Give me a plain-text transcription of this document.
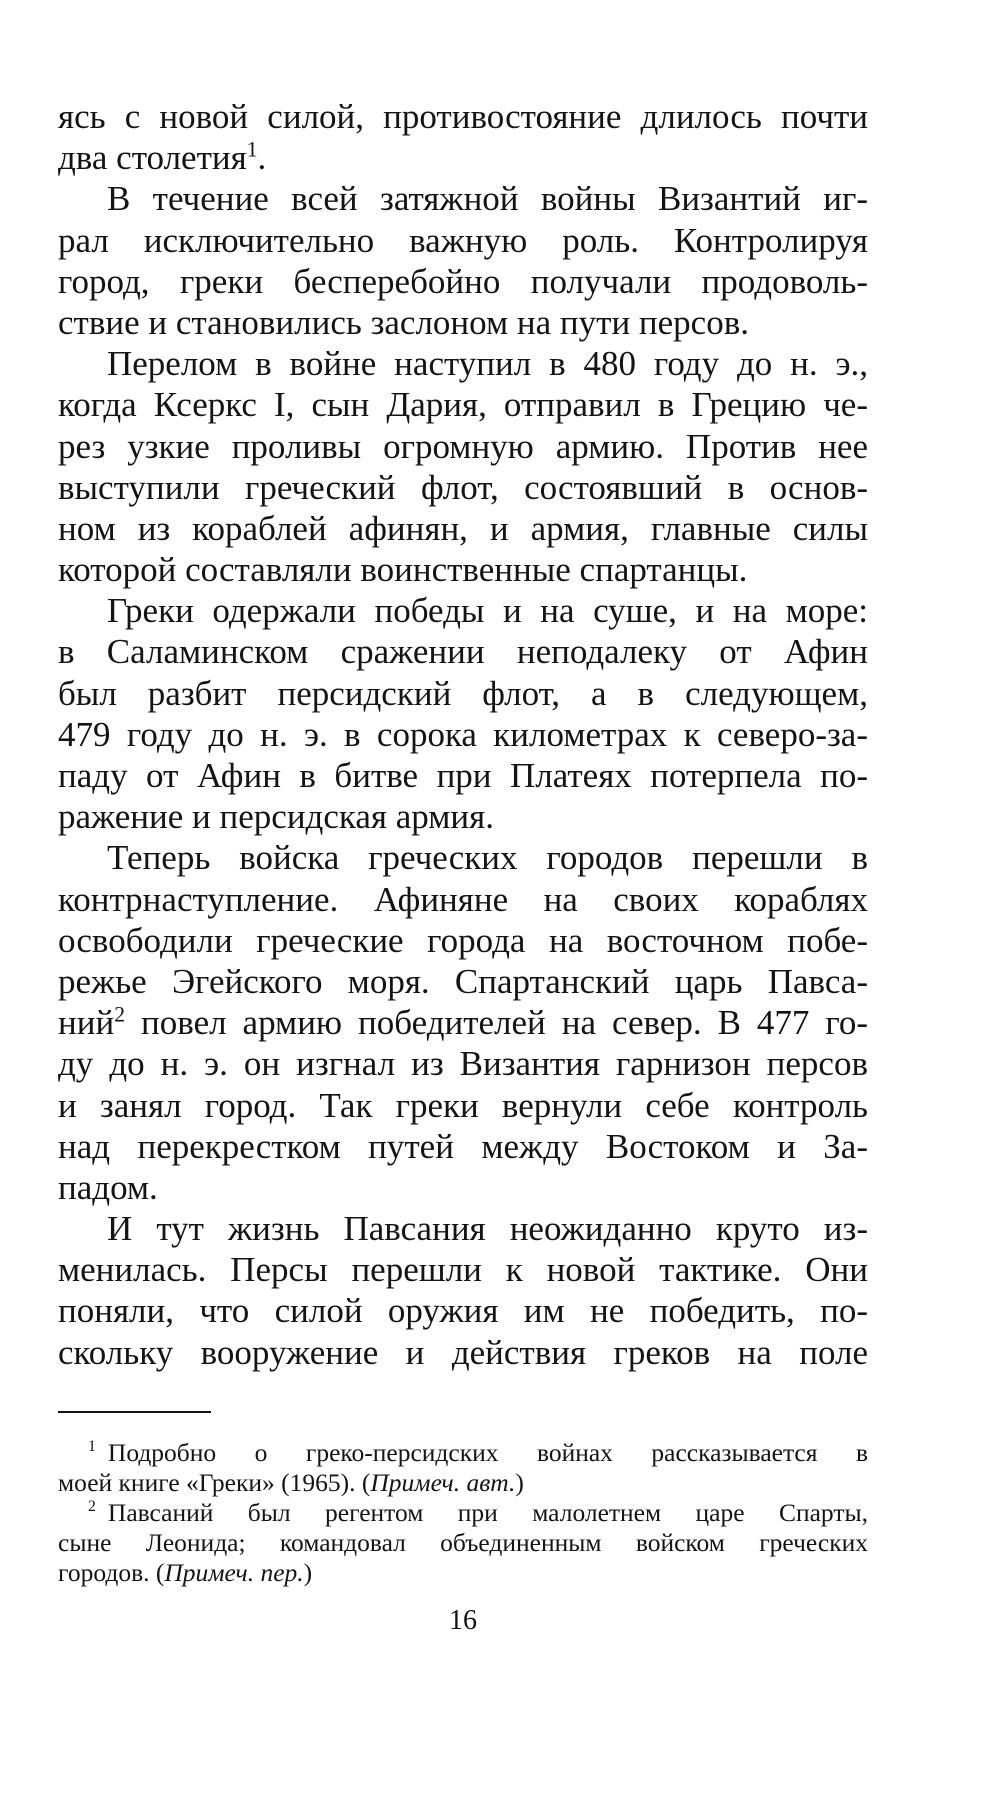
ясь с новой силой, противостояние длилось почти
два столетия$^1$.
В течение всей затяжной войны Византий иг-
рал исключительно важную роль. Контролируя
город, греки бесперебойно получали продоволь-
ствие и становились заслоном на пути персов.
Перелом в войне наступил в 480 году до н. э.,
когда Ксеркс I, сын Дария, отправил в Грецию че-
рез узкие проливы огромную армию. Против нее
выступили греческий флот, состоявший в основ-
ном из кораблей афинян, и армия, главные силы
которой составляли воинственные спартанцы.
Греки одержали победы и на суше, и на море:
в Саламинском сражении неподалеку от Афин
был разбит персидский флот, а в следующем,
479 году до н. э. в сорока километрах к северо-за-
паду от Афин в битве при Платеях потерпела по-
ражение и персидская армия.
Теперь войска греческих городов перешли в
контрнаступление. Афиняне на своих кораблях
освободили греческие города на восточном побе-
режье Эгейского моря. Спартанский царь Павса-
ний$^2$ повел армию победителей на север. В 477 го-
ду до н. э. он изгнал из Византия гарнизон персов
и занял город. Так греки вернули себе контроль
над перекрестком путей между Востоком и За-
падом.
И тут жизнь Павсания неожиданно круто из-
менилась. Персы перешли к новой тактике. Они
поняли, что силой оружия им не победить, по-
скольку вооружение и действия греков на поле
$^1$ Подробно о греко-персидских войнах рассказывается в
моей книге «Греки» (1965). (Примеч. авт.)
$^2$ Павсаний был регентом при малолетнем царе Спарты,
сыне Леонида; командовал объединенным войском греческих
городов. (Примеч. пер.)
16
